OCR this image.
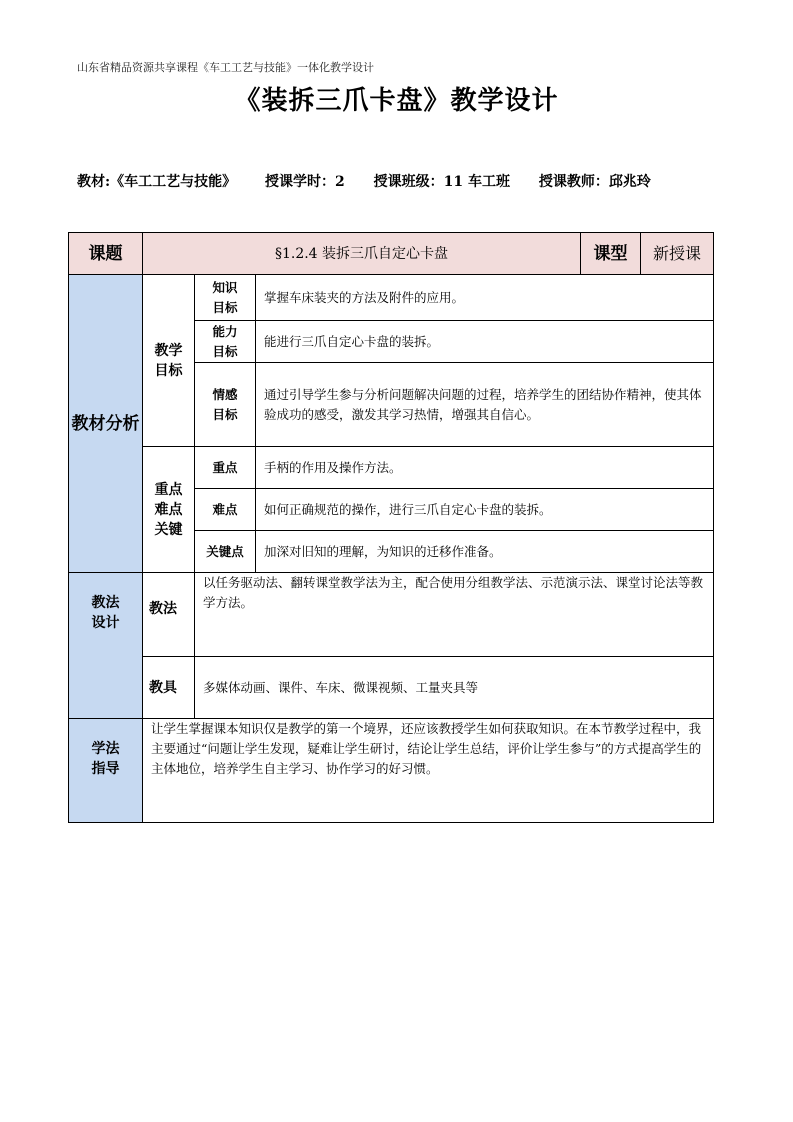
山东省精品资源共享课程《车工工艺与技能》一体化教学设计
《装拆三爪卡盘》教学设计
教材:《车工工艺与技能》 授课学时：2 授课班级：11 车工班 授课教师：邱兆玲
课题	§1.2.4 装拆三爪自定心卡盘			课型	新授课
教材分析	教学目标	知识目标	掌握车床装夹的方法及附件的应用。		
		能力目标	能进行三爪自定心卡盘的装拆。		
		情感目标	通过引导学生参与分析问题解决问题的过程，培养学生的团结协作精神，使其体验成功的感受，激发其学习热情，增强其自信心。		
	重点难点关键	重点	手柄的作用及操作方法。		
		难点	如何正确规范的操作，进行三爪自定心卡盘的装拆。		
		关键点	加深对旧知的理解，为知识的迁移作准备。		
教法设计	教法	以任务驱动法、翻转课堂教学法为主，配合使用分组教学法、示范演示法、课堂讨论法等教学方法。			
	教具	多媒体动画、课件、车床、微课视频、工量夹具等			
学法指导	让学生掌握课本知识仅是教学的第一个境界，还应该教授学生如何获取知识。在本节教学过程中，我主要通过“问题让学生发现，疑难让学生研讨，结论让学生总结，评价让学生参与”的方式提高学生的主体地位，培养学生自主学习、协作学习的好习惯。				
